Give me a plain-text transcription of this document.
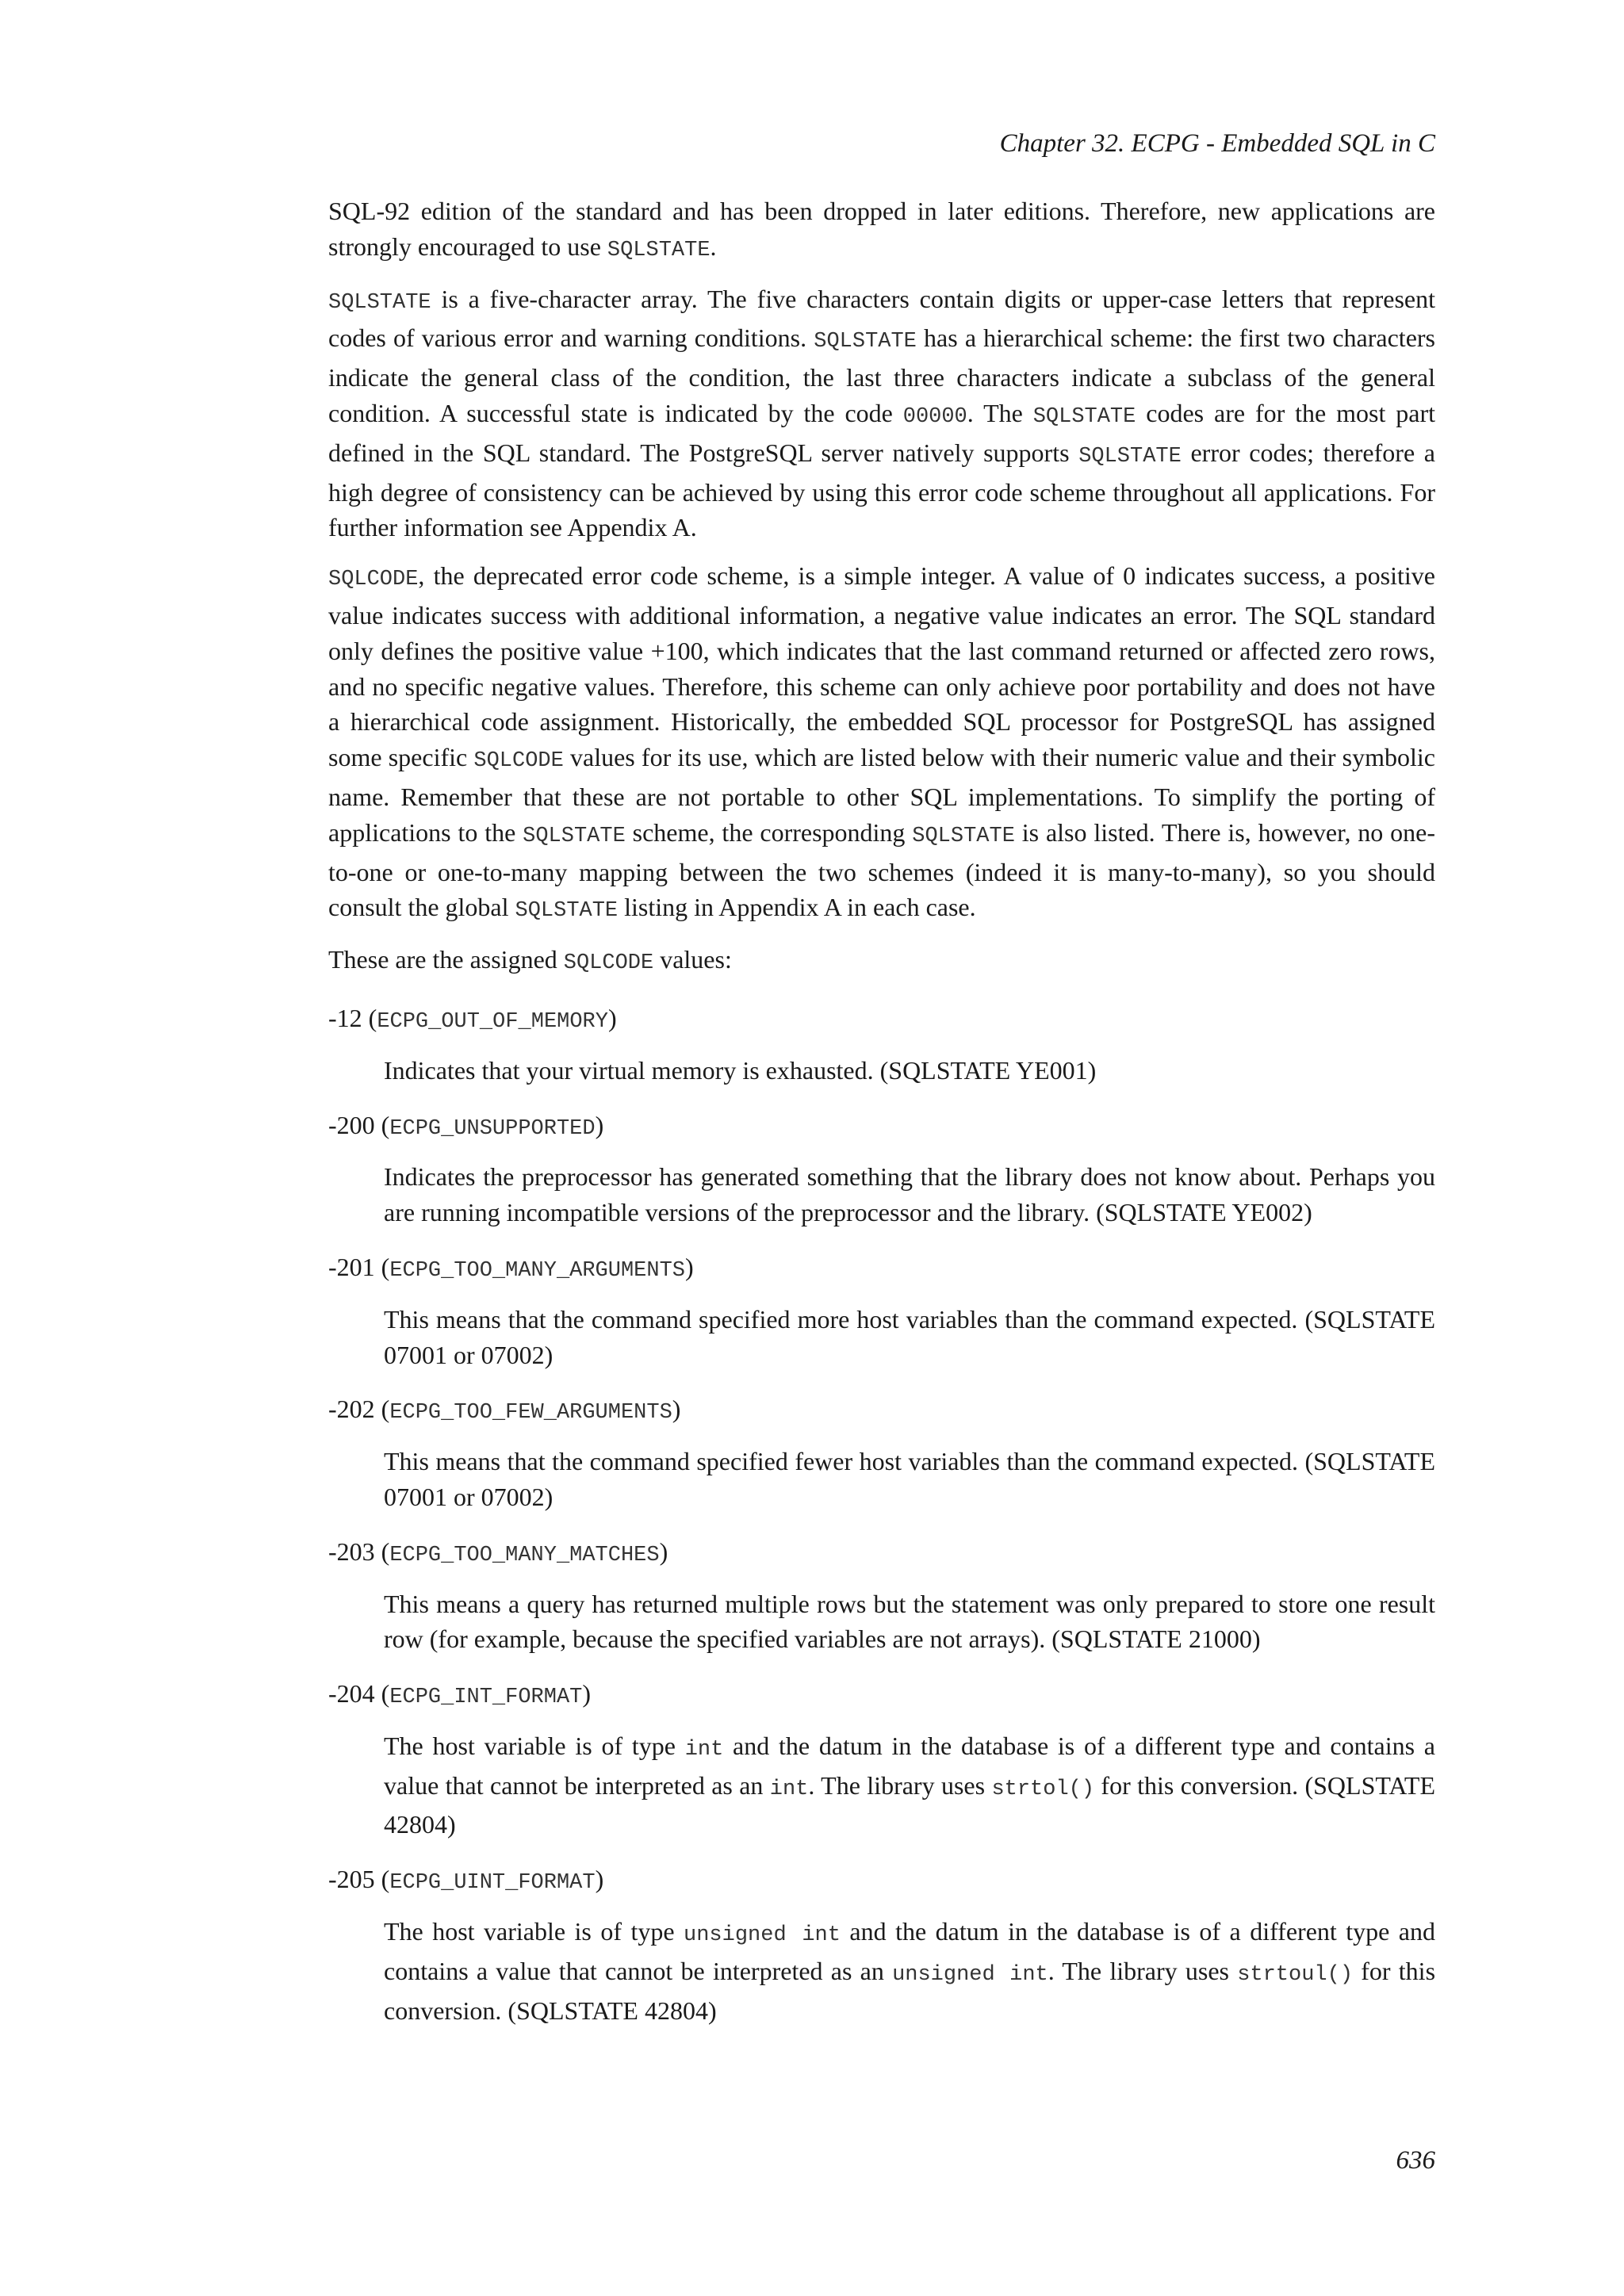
Chapter 32. ECPG - Embedded SQL in C

SQL-92 edition of the standard and has been dropped in later editions. Therefore, new applications are strongly encouraged to use SQLSTATE.

SQLSTATE is a five-character array. The five characters contain digits or upper-case letters that represent codes of various error and warning conditions. SQLSTATE has a hierarchical scheme: the first two characters indicate the general class of the condition, the last three characters indicate a subclass of the general condition. A successful state is indicated by the code 00000. The SQLSTATE codes are for the most part defined in the SQL standard. The PostgreSQL server natively supports SQLSTATE error codes; therefore a high degree of consistency can be achieved by using this error code scheme throughout all applications. For further information see Appendix A.

SQLCODE, the deprecated error code scheme, is a simple integer. A value of 0 indicates success, a positive value indicates success with additional information, a negative value indicates an error. The SQL standard only defines the positive value +100, which indicates that the last command returned or affected zero rows, and no specific negative values. Therefore, this scheme can only achieve poor portability and does not have a hierarchical code assignment. Historically, the embedded SQL processor for PostgreSQL has assigned some specific SQLCODE values for its use, which are listed below with their numeric value and their symbolic name. Remember that these are not portable to other SQL implementations. To simplify the porting of applications to the SQLSTATE scheme, the corresponding SQLSTATE is also listed. There is, however, no one-to-one or one-to-many mapping between the two schemes (indeed it is many-to-many), so you should consult the global SQLSTATE listing in Appendix A in each case.

These are the assigned SQLCODE values:

-12 (ECPG_OUT_OF_MEMORY)
Indicates that your virtual memory is exhausted. (SQLSTATE YE001)
-200 (ECPG_UNSUPPORTED)
Indicates the preprocessor has generated something that the library does not know about. Perhaps you are running incompatible versions of the preprocessor and the library. (SQLSTATE YE002)
-201 (ECPG_TOO_MANY_ARGUMENTS)
This means that the command specified more host variables than the command expected. (SQLSTATE 07001 or 07002)
-202 (ECPG_TOO_FEW_ARGUMENTS)
This means that the command specified fewer host variables than the command expected. (SQLSTATE 07001 or 07002)
-203 (ECPG_TOO_MANY_MATCHES)
This means a query has returned multiple rows but the statement was only prepared to store one result row (for example, because the specified variables are not arrays). (SQLSTATE 21000)
-204 (ECPG_INT_FORMAT)
The host variable is of type int and the datum in the database is of a different type and contains a value that cannot be interpreted as an int. The library uses strtol() for this conversion. (SQLSTATE 42804)
-205 (ECPG_UINT_FORMAT)
The host variable is of type unsigned int and the datum in the database is of a different type and contains a value that cannot be interpreted as an unsigned int. The library uses strtoul() for this conversion. (SQLSTATE 42804)
636
